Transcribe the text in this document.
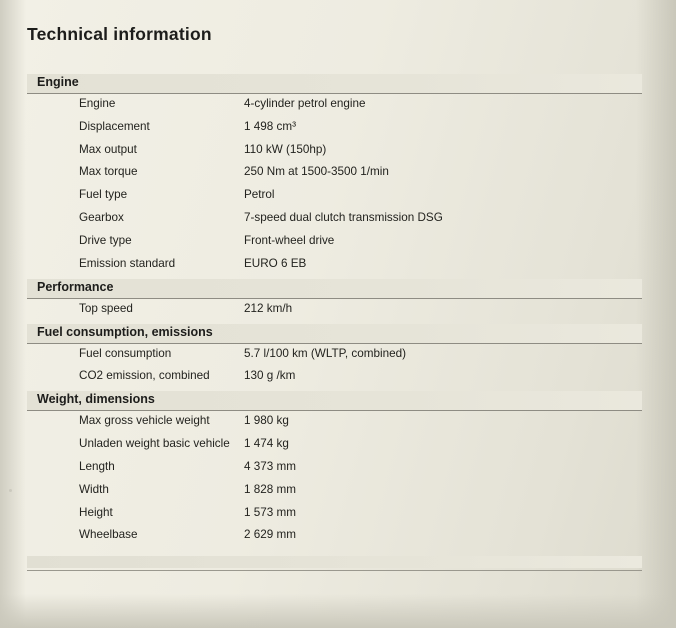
Technical information
Engine
Engine	4-cylinder petrol engine
Displacement	1 498 cm³
Max output	110 kW (150hp)
Max torque	250 Nm at 1500-3500 1/min
Fuel type	Petrol
Gearbox	7-speed dual clutch transmission DSG
Drive type	Front-wheel drive
Emission standard	EURO 6 EB
Performance
Top speed	212 km/h
Fuel consumption, emissions
Fuel consumption	5.7 l/100 km (WLTP, combined)
CO2 emission, combined	130 g /km
Weight, dimensions
Max gross vehicle weight	1 980 kg
Unladen weight basic vehicle 1 474 kg
Length	4 373 mm
Width	1 828 mm
Height	1 573 mm
Wheelbase	2 629 mm
